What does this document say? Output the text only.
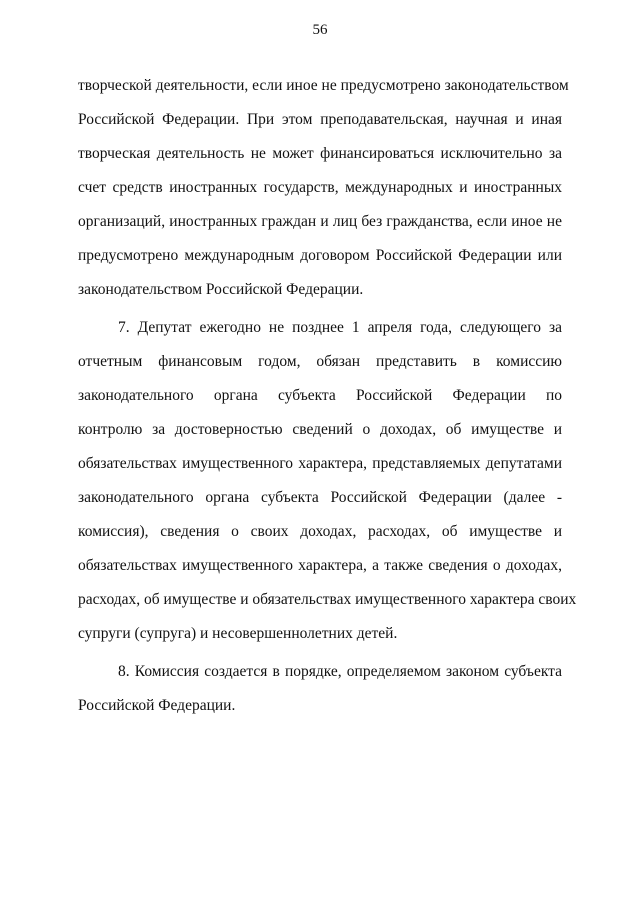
56
творческой деятельности, если иное не предусмотрено законодательством
Российской Федерации. При этом преподавательская, научная и иная
творческая деятельность не может финансироваться исключительно за
счет средств иностранных государств, международных и иностранных
организаций, иностранных граждан и лиц без гражданства, если иное не
предусмотрено международным договором Российской Федерации или
законодательством Российской Федерации.
7. Депутат ежегодно не позднее 1 апреля года, следующего за
отчетным финансовым годом, обязан представить в комиссию
законодательного органа субъекта Российской Федерации по
контролю за достоверностью сведений о доходах, об имуществе и
обязательствах имущественного характера, представляемых депутатами
законодательного органа субъекта Российской Федерации (далее -
комиссия), сведения о своих доходах, расходах, об имуществе и
обязательствах имущественного характера, а также сведения о доходах,
расходах, об имуществе и обязательствах имущественного характера своих
супруги (супруга) и несовершеннолетних детей.
8. Комиссия создается в порядке, определяемом законом субъекта
Российской Федерации.
